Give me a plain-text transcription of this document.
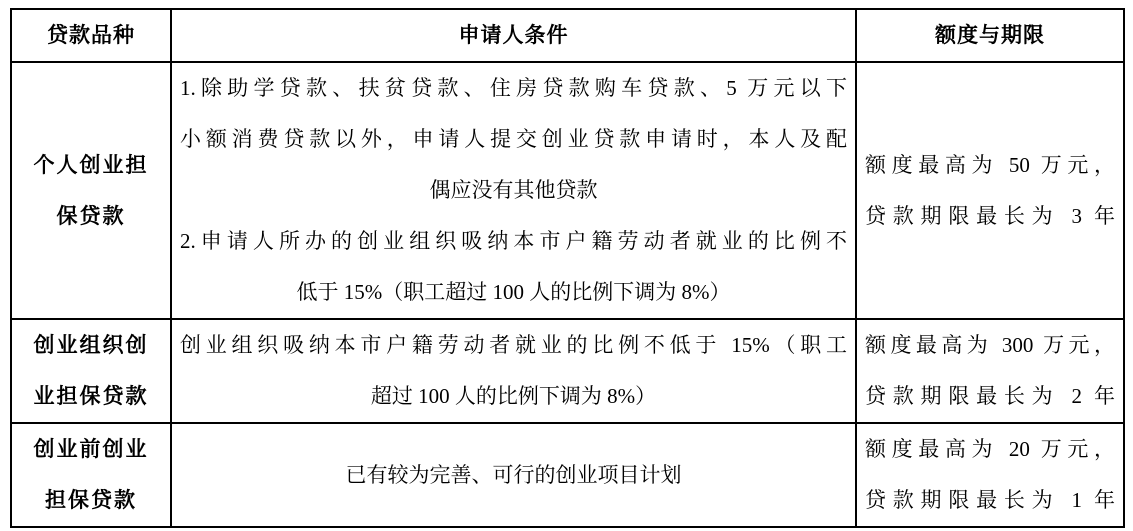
贷款品种	申请人条件	额度与期限

个人创业担
保贷款	1.除助学贷款、扶贫贷款、住房贷款购车贷款、5 万元以下
小额消费贷款以外，申请人提交创业贷款申请时，本人及配
偶应没有其他贷款
2.申请人所办的创业组织吸纳本市户籍劳动者就业的比例不
低于 15%（职工超过 100 人的比例下调为 8%）	额度最高为 50 万元，
贷款期限最长为 3 年

创业组织创
业担保贷款	创业组织吸纳本市户籍劳动者就业的比例不低于 15%（职工
超过 100 人的比例下调为 8%）	额度最高为 300 万元，
贷款期限最长为 2 年

创业前创业
担保贷款	已有较为完善、可行的创业项目计划	额度最高为 20 万元，
贷款期限最长为 1 年
